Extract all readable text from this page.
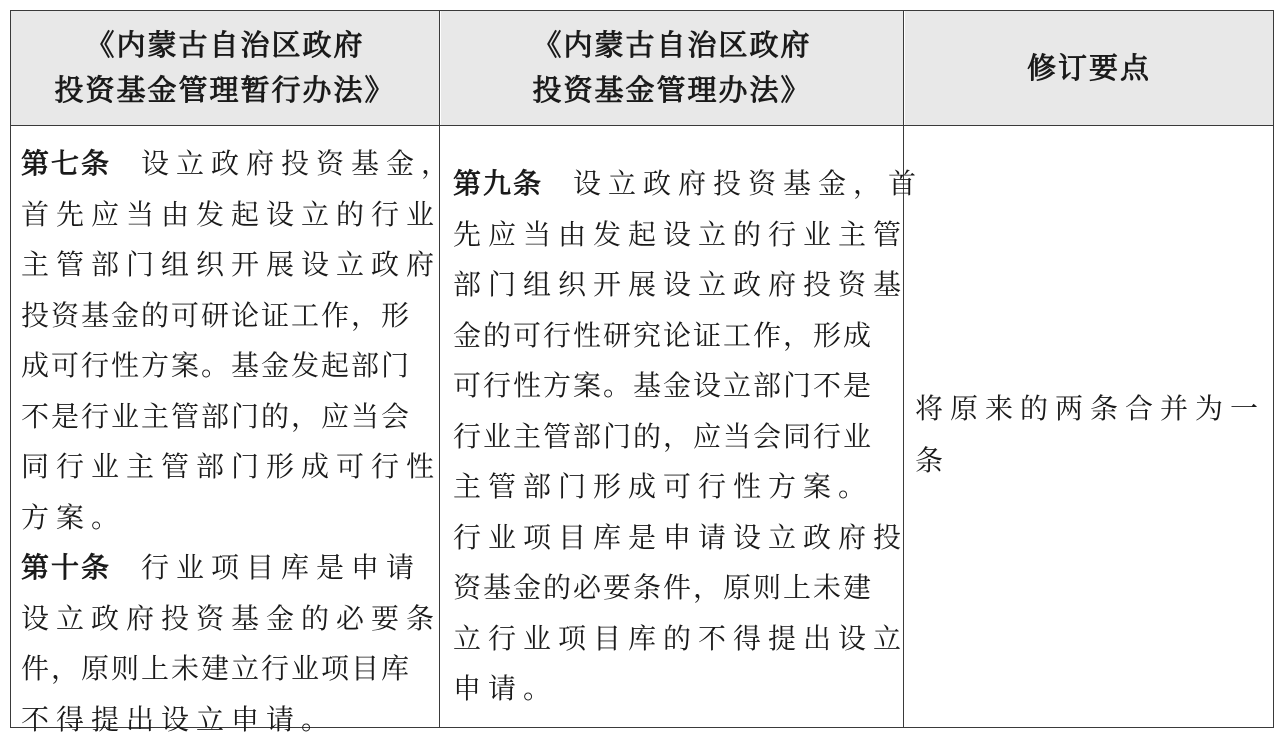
《内蒙古自治区政府
投资基金管理暂行办法》
《内蒙古自治区政府
投资基金管理办法》
修订要点
第七条 设立政府投资基金，
首先应当由发起设立的行业
主管部门组织开展设立政府
投资基金的可研论证工作，形
成可行性方案。基金发起部门
不是行业主管部门的，应当会
同行业主管部门形成可行性
方案。
第十条 行业项目库是申请
设立政府投资基金的必要条
件，原则上未建立行业项目库
不得提出设立申请。
第九条 设立政府投资基金，首
先应当由发起设立的行业主管
部门组织开展设立政府投资基
金的可行性研究论证工作，形成
可行性方案。基金设立部门不是
行业主管部门的，应当会同行业
主管部门形成可行性方案。
行业项目库是申请设立政府投
资基金的必要条件，原则上未建
立行业项目库的不得提出设立
申请。
将原来的两条合并为一
条
